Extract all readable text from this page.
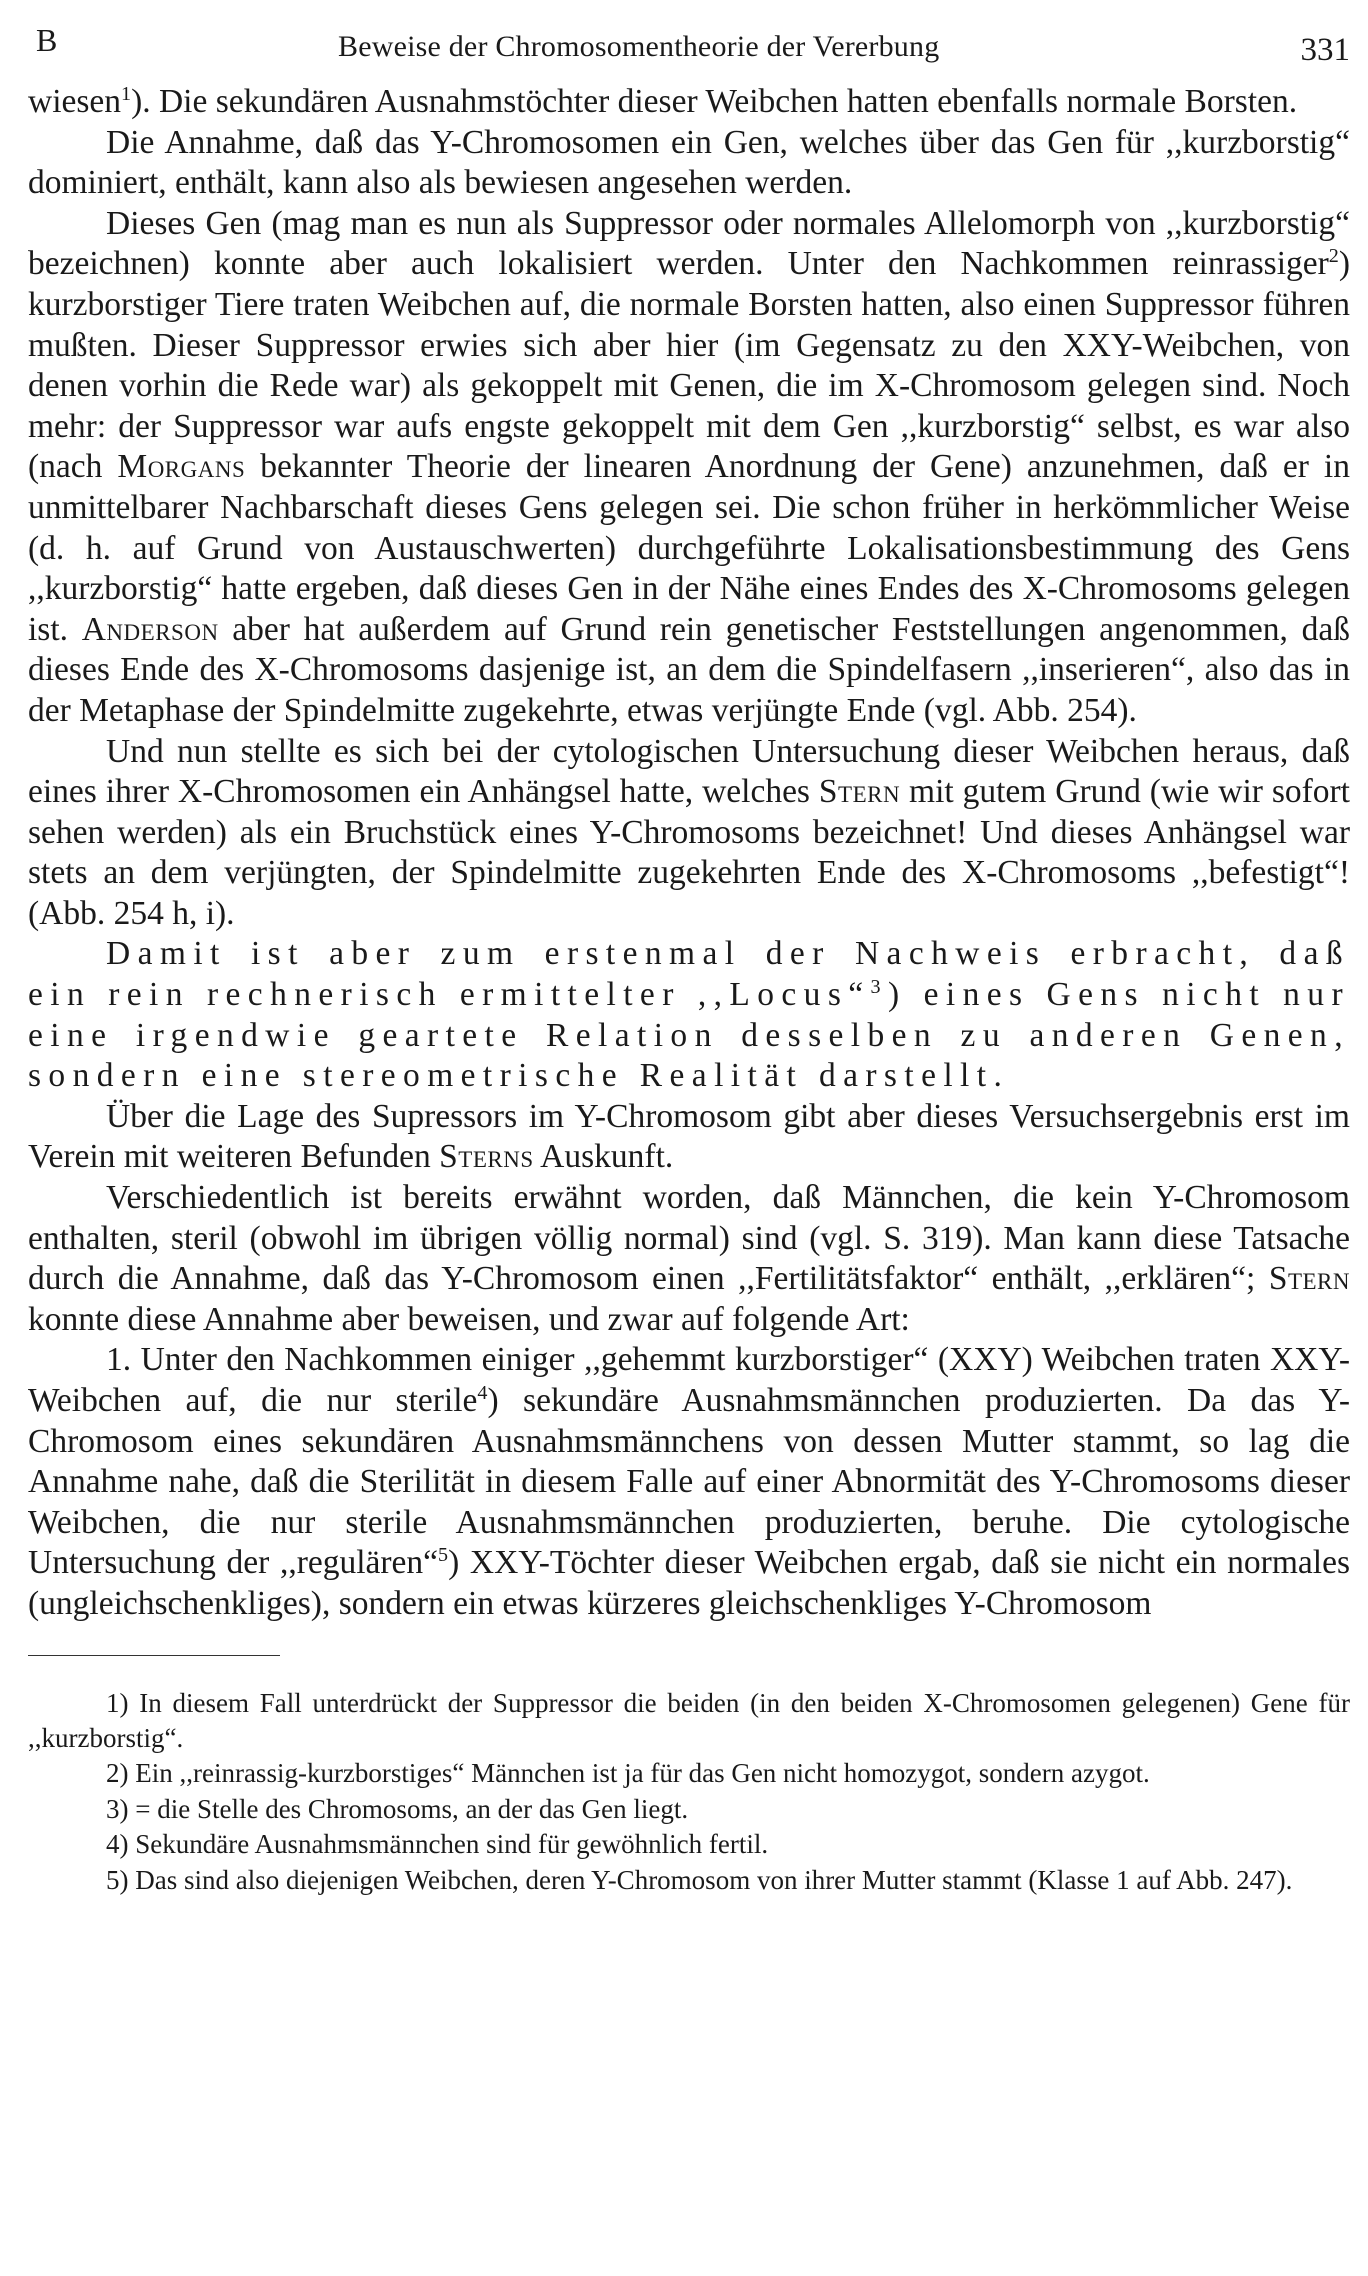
B	Beweise der Chromosomentheorie der Vererbung	331

wiesen$^1$). Die sekundären Ausnahmstöchter dieser Weibchen hatten ebenfalls normale Borsten.

Die Annahme, daß das Y-Chromosomen ein Gen, welches über das Gen für ,,kurzborstig“ dominiert, enthält, kann also als bewiesen angesehen werden.

Dieses Gen (mag man es nun als Suppressor oder normales Allelomorph von ,,kurzborstig“ bezeichnen) konnte aber auch lokalisiert werden. Unter den Nachkommen reinrassiger$^2$) kurzborstiger Tiere traten Weibchen auf, die normale Borsten hatten, also einen Suppressor führen mußten. Dieser Suppressor erwies sich aber hier (im Gegensatz zu den XXY-Weibchen, von denen vorhin die Rede war) als gekoppelt mit Genen, die im X-Chromosom gelegen sind. Noch mehr: der Suppressor war aufs engste gekoppelt mit dem Gen ,,kurzborstig“ selbst, es war also (nach Morgans bekannter Theorie der linearen Anordnung der Gene) anzunehmen, daß er in unmittelbarer Nachbarschaft dieses Gens gelegen sei. Die schon früher in herkömmlicher Weise (d. h. auf Grund von Austauschwerten) durchgeführte Lokalisationsbestimmung des Gens ,,kurzborstig“ hatte ergeben, daß dieses Gen in der Nähe eines Endes des X-Chromosoms gelegen ist. Anderson aber hat außerdem auf Grund rein genetischer Feststellungen angenommen, daß dieses Ende des X-Chromosoms dasjenige ist, an dem die Spindelfasern ,,inserieren“, also das in der Metaphase der Spindelmitte zugekehrte, etwas verjüngte Ende (vgl. Abb. 254).

Und nun stellte es sich bei der cytologischen Untersuchung dieser Weibchen heraus, daß eines ihrer X-Chromosomen ein Anhängsel hatte, welches Stern mit gutem Grund (wie wir sofort sehen werden) als ein Bruchstück eines Y-Chromosoms bezeichnet! Und dieses Anhängsel war stets an dem verjüngten, der Spindelmitte zugekehrten Ende des X-Chromosoms ,,befestigt“! (Abb. 254 h, i).

Damit ist aber zum erstenmal der Nachweis erbracht, daß ein rein rechnerisch ermittelter ,,Locus“$^3$) eines Gens nicht nur eine irgendwie geartete Relation desselben zu anderen Genen, sondern eine stereometrische Realität darstellt.

Über die Lage des Supressors im Y-Chromosom gibt aber dieses Versuchsergebnis erst im Verein mit weiteren Befunden Sterns Auskunft.

Verschiedentlich ist bereits erwähnt worden, daß Männchen, die kein Y-Chromosom enthalten, steril (obwohl im übrigen völlig normal) sind (vgl. S. 319). Man kann diese Tatsache durch die Annahme, daß das Y-Chromosom einen ,,Fertilitätsfaktor“ enthält, ,,erklären“; Stern konnte diese Annahme aber beweisen, und zwar auf folgende Art:

1. Unter den Nachkommen einiger ,,gehemmt kurzborstiger“ (XXY) Weibchen traten XXY-Weibchen auf, die nur sterile$^4$) sekundäre Ausnahmsmännchen produzierten. Da das Y-Chromosom eines sekundären Ausnahmsmännchens von dessen Mutter stammt, so lag die Annahme nahe, daß die Sterilität in diesem Falle auf einer Abnormität des Y-Chromosoms dieser Weibchen, die nur sterile Ausnahmsmännchen produzierten, beruhe. Die cytologische Untersuchung der ,,regulären“$^5$) XXY-Töchter dieser Weibchen ergab, daß sie nicht ein normales (ungleichschenkliges), sondern ein etwas kürzeres gleichschenkliges Y-Chromosom

1) In diesem Fall unterdrückt der Suppressor die beiden (in den beiden X-Chromosomen gelegenen) Gene für ,,kurzborstig“.

2) Ein ,,reinrassig-kurzborstiges“ Männchen ist ja für das Gen nicht homozygot, sondern azygot.

3) = die Stelle des Chromosoms, an der das Gen liegt.

4) Sekundäre Ausnahmsmännchen sind für gewöhnlich fertil.

5) Das sind also diejenigen Weibchen, deren Y-Chromosom von ihrer Mutter stammt (Klasse 1 auf Abb. 247).
